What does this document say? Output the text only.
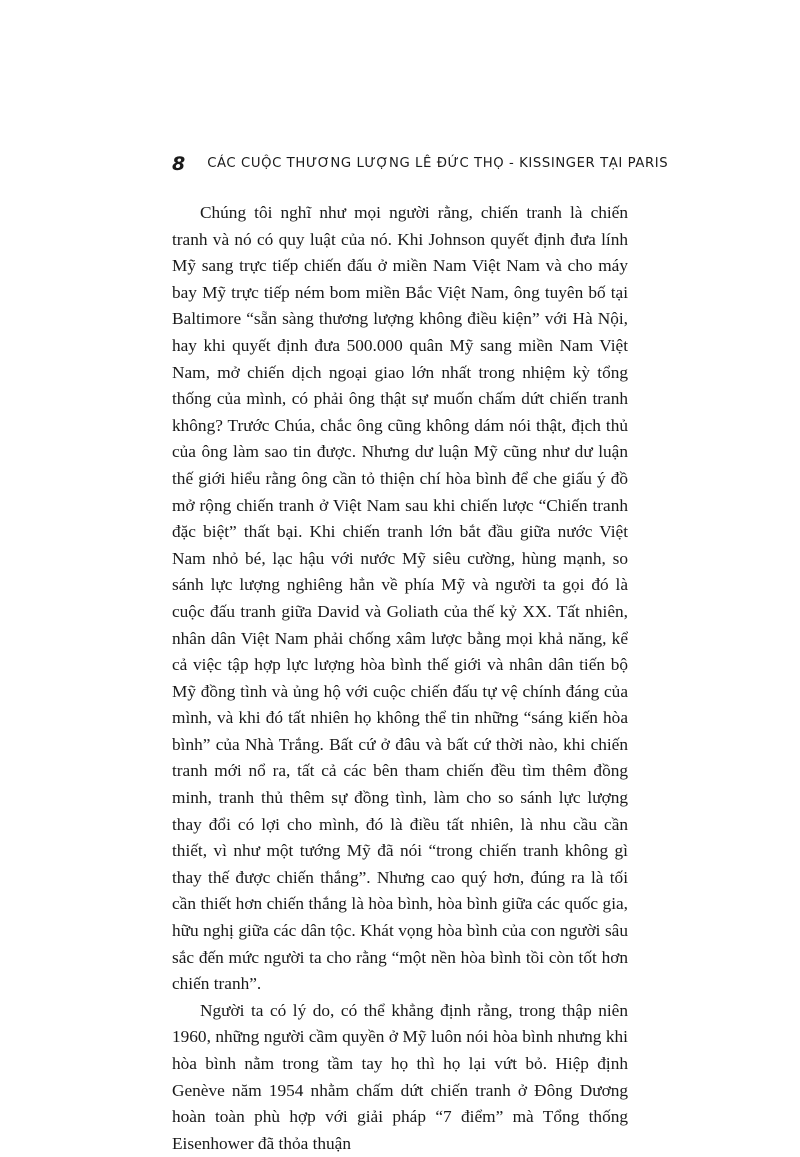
8 CÁC CUỘC THƯƠNG LƯỢNG LÊ ĐỨC THỌ - KISSINGER TẠI PARIS

Chúng tôi nghĩ như mọi người rằng, chiến tranh là chiến tranh và nó có quy luật của nó. Khi Johnson quyết định đưa lính Mỹ sang trực tiếp chiến đấu ở miền Nam Việt Nam và cho máy bay Mỹ trực tiếp ném bom miền Bắc Việt Nam, ông tuyên bố tại Baltimore “sẵn sàng thương lượng không điều kiện” với Hà Nội, hay khi quyết định đưa 500.000 quân Mỹ sang miền Nam Việt Nam, mở chiến dịch ngoại giao lớn nhất trong nhiệm kỳ tổng thống của mình, có phải ông thật sự muốn chấm dứt chiến tranh không? Trước Chúa, chắc ông cũng không dám nói thật, địch thủ của ông làm sao tin được. Nhưng dư luận Mỹ cũng như dư luận thế giới hiểu rằng ông cần tỏ thiện chí hòa bình để che giấu ý đồ mở rộng chiến tranh ở Việt Nam sau khi chiến lược “Chiến tranh đặc biệt” thất bại. Khi chiến tranh lớn bắt đầu giữa nước Việt Nam nhỏ bé, lạc hậu với nước Mỹ siêu cường, hùng mạnh, so sánh lực lượng nghiêng hẳn về phía Mỹ và người ta gọi đó là cuộc đấu tranh giữa David và Goliath của thế kỷ XX. Tất nhiên, nhân dân Việt Nam phải chống xâm lược bằng mọi khả năng, kể cả việc tập hợp lực lượng hòa bình thế giới và nhân dân tiến bộ Mỹ đồng tình và ủng hộ với cuộc chiến đấu tự vệ chính đáng của mình, và khi đó tất nhiên họ không thể tin những “sáng kiến hòa bình” của Nhà Trắng. Bất cứ ở đâu và bất cứ thời nào, khi chiến tranh mới nổ ra, tất cả các bên tham chiến đều tìm thêm đồng minh, tranh thủ thêm sự đồng tình, làm cho so sánh lực lượng thay đổi có lợi cho mình, đó là điều tất nhiên, là nhu cầu cần thiết, vì như một tướng Mỹ đã nói “trong chiến tranh không gì thay thế được chiến thắng”. Nhưng cao quý hơn, đúng ra là tối cần thiết hơn chiến thắng là hòa bình, hòa bình giữa các quốc gia, hữu nghị giữa các dân tộc. Khát vọng hòa bình của con người sâu sắc đến mức người ta cho rằng “một nền hòa bình tồi còn tốt hơn chiến tranh”.

Người ta có lý do, có thể khẳng định rằng, trong thập niên 1960, những người cầm quyền ở Mỹ luôn nói hòa bình nhưng khi hòa bình nằm trong tầm tay họ thì họ lại vứt bỏ. Hiệp định Genève năm 1954 nhằm chấm dứt chiến tranh ở Đông Dương hoàn toàn phù hợp với giải pháp “7 điểm” mà Tổng thống Eisenhower đã thỏa thuận
